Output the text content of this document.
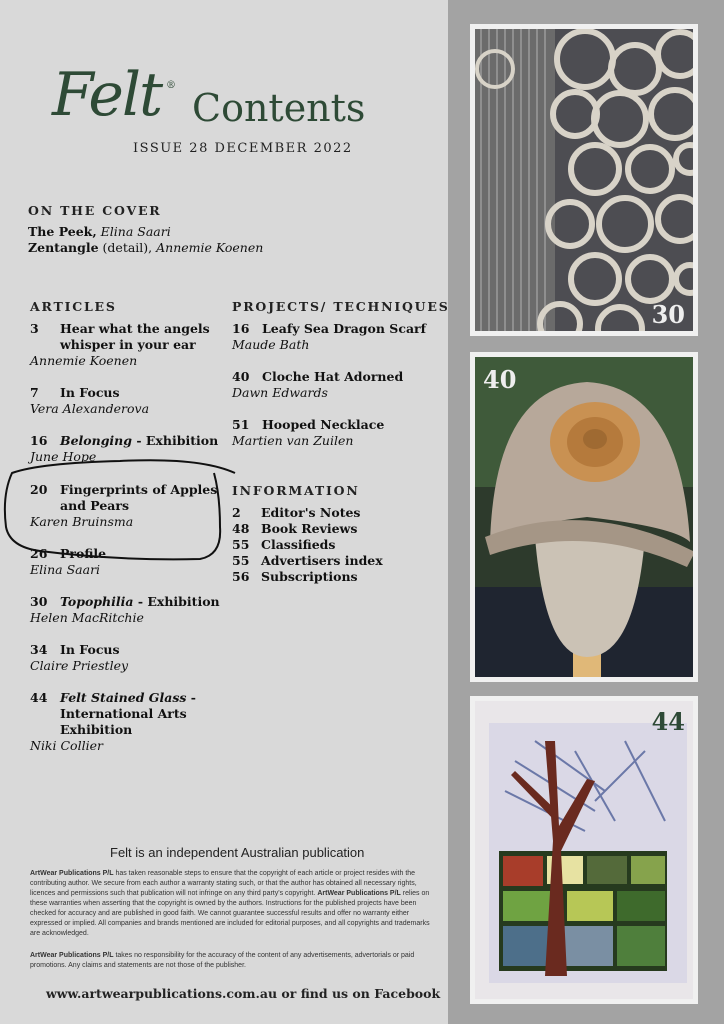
30
40
44
Felt ®
Contents
ISSUE 28 DECEMBER 2022
ON THE COVER
The Peek, Elina Saari
Zentangle (detail), Annemie Koenen
ARTICLES
3 Hear what the angels
whisper in your ear
Annemie Koenen
7 In Focus
Vera Alexanderova
16 Belonging - Exhibition
June Hope
20 Fingerprints of Apples
and Pears
Karen Bruinsma
26 Profile
Elina Saari
30 Topophilia - Exhibition
Helen MacRitchie
34 In Focus
Claire Priestley
44 Felt Stained Glass -
International Arts
Exhibition
Niki Collier
PROJECTS/ TECHNIQUES
16 Leafy Sea Dragon Scarf
Maude Bath
40 Cloche Hat Adorned
Dawn Edwards
51 Hooped Necklace
Martien van Zuilen
INFORMATION
2 Editor's Notes
48 Book Reviews
55 Classifieds
55 Advertisers index
56 Subscriptions
Felt is an independent Australian publication
ArtWear Publications P/L has taken reasonable steps to ensure that the copyright of each article or project resides with the contributing author. We secure from each author a warranty stating such, or that the author has obtained all necessary rights, licences and permissions such that publication will not infringe on any third party's copyright. ArtWear Publications P/L relies on these warranties when asserting that the copyright is owned by the authors. Instructions for the published projects have been checked for accuracy and are published in good faith. We cannot guarantee successful results and offer no warranty either expressed or implied. All companies and brands mentioned are included for editorial purposes, and all copyrights and trademarks are acknowledged.
ArtWear Publications P/L takes no responsibility for the accuracy of the content of any advertisements, advertorials or paid promotions. Any claims and statements are not those of the publisher.
www.artwearpublications.com.au or find us on Facebook
